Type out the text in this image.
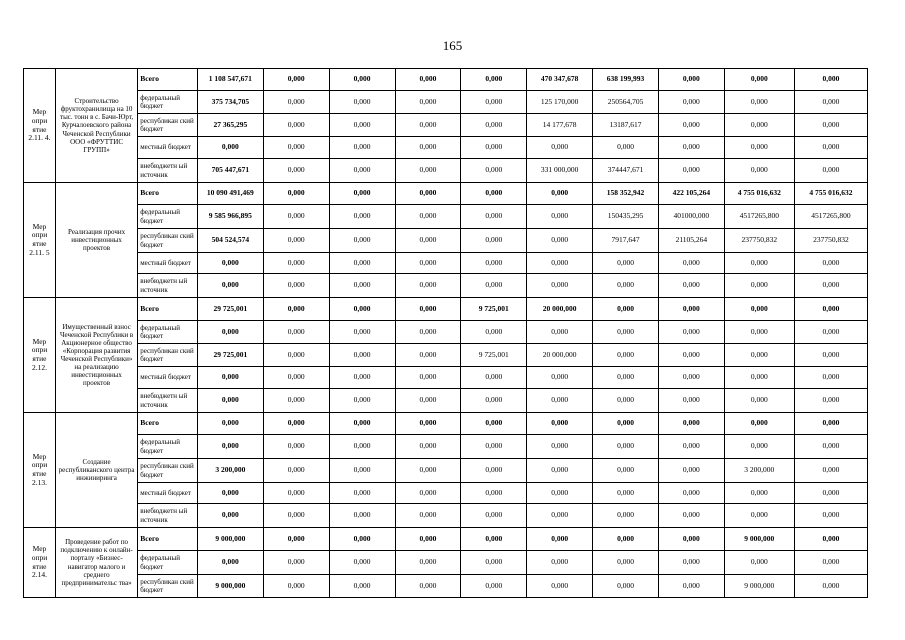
165
Мер опри ятие 2.11. 4.	Строительство фруктохранилища на 10 тыс. тонн в с. Бачи-Юрт, Курчалоевского района Чеченской Республики ООО «ФРУТТИС ГРУПП»	Всего	1 108 547,671	0,000	0,000	0,000	0,000	470 347,678	638 199,993	0,000	0,000	0,000
		федеральный бюджет	375 734,705	0,000	0,000	0,000	0,000	125 170,000	250564,705	0,000	0,000	0,000
		республикан ский бюджет	27 365,295	0,000	0,000	0,000	0,000	14 177,678	13187,617	0,000	0,000	0,000
		местный бюджет	0,000	0,000	0,000	0,000	0,000	0,000	0,000	0,000	0,000	0,000
		внебюджетн ый источник	705 447,671	0,000	0,000	0,000	0,000	331 000,000	374447,671	0,000	0,000	0,000
Мер опри ятие 2.11. 5	Реализация прочих инвестиционных проектов	Всего	10 090 491,469	0,000	0,000	0,000	0,000	0,000	158 352,942	422 105,264	4 755 016,632	4 755 016,632
		федеральный бюджет	9 585 966,895	0,000	0,000	0,000	0,000	0,000	150435,295	401000,000	4517265,800	4517265,800
		республикан ский бюджет	504 524,574	0,000	0,000	0,000	0,000	0,000	7917,647	21105,264	237750,832	237750,832
		местный бюджет	0,000	0,000	0,000	0,000	0,000	0,000	0,000	0,000	0,000	0,000
		внебюджетн ый источник	0,000	0,000	0,000	0,000	0,000	0,000	0,000	0,000	0,000	0,000
Мер опри ятие 2.12.	Имущественный взнос Чеченской Республики в Акционерное общество «Корпорация развития Чеченской Республики» на реализацию инвестиционных проектов	Всего	29 725,001	0,000	0,000	0,000	9 725,001	20 000,000	0,000	0,000	0,000	0,000
		федеральный бюджет	0,000	0,000	0,000	0,000	0,000	0,000	0,000	0,000	0,000	0,000
		республикан ский бюджет	29 725,001	0,000	0,000	0,000	9 725,001	20 000,000	0,000	0,000	0,000	0,000
		местный бюджет	0,000	0,000	0,000	0,000	0,000	0,000	0,000	0,000	0,000	0,000
		внебюджетн ый источник	0,000	0,000	0,000	0,000	0,000	0,000	0,000	0,000	0,000	0,000
Мер опри ятие 2.13.	Создание республиканского центра инжиниринга	Всего	0,000	0,000	0,000	0,000	0,000	0,000	0,000	0,000	0,000	0,000
		федеральный бюджет	0,000	0,000	0,000	0,000	0,000	0,000	0,000	0,000	0,000	0,000
		республикан ский бюджет	3 200,000	0,000	0,000	0,000	0,000	0,000	0,000	0,000	3 200,000	0,000
		местный бюджет	0,000	0,000	0,000	0,000	0,000	0,000	0,000	0,000	0,000	0,000
		внебюджетн ый источник	0,000	0,000	0,000	0,000	0,000	0,000	0,000	0,000	0,000	0,000
Мер опри ятие 2.14.	Проведение работ по подключению к онлайн-порталу «Бизнес-навигатор малого и среднего предпринимательс тва»	Всего	9 000,000	0,000	0,000	0,000	0,000	0,000	0,000	0,000	9 000,000	0,000
		федеральный бюджет	0,000	0,000	0,000	0,000	0,000	0,000	0,000	0,000	0,000	0,000
		республикан ский бюджет	9 000,000	0,000	0,000	0,000	0,000	0,000	0,000	0,000	9 000,000	0,000
